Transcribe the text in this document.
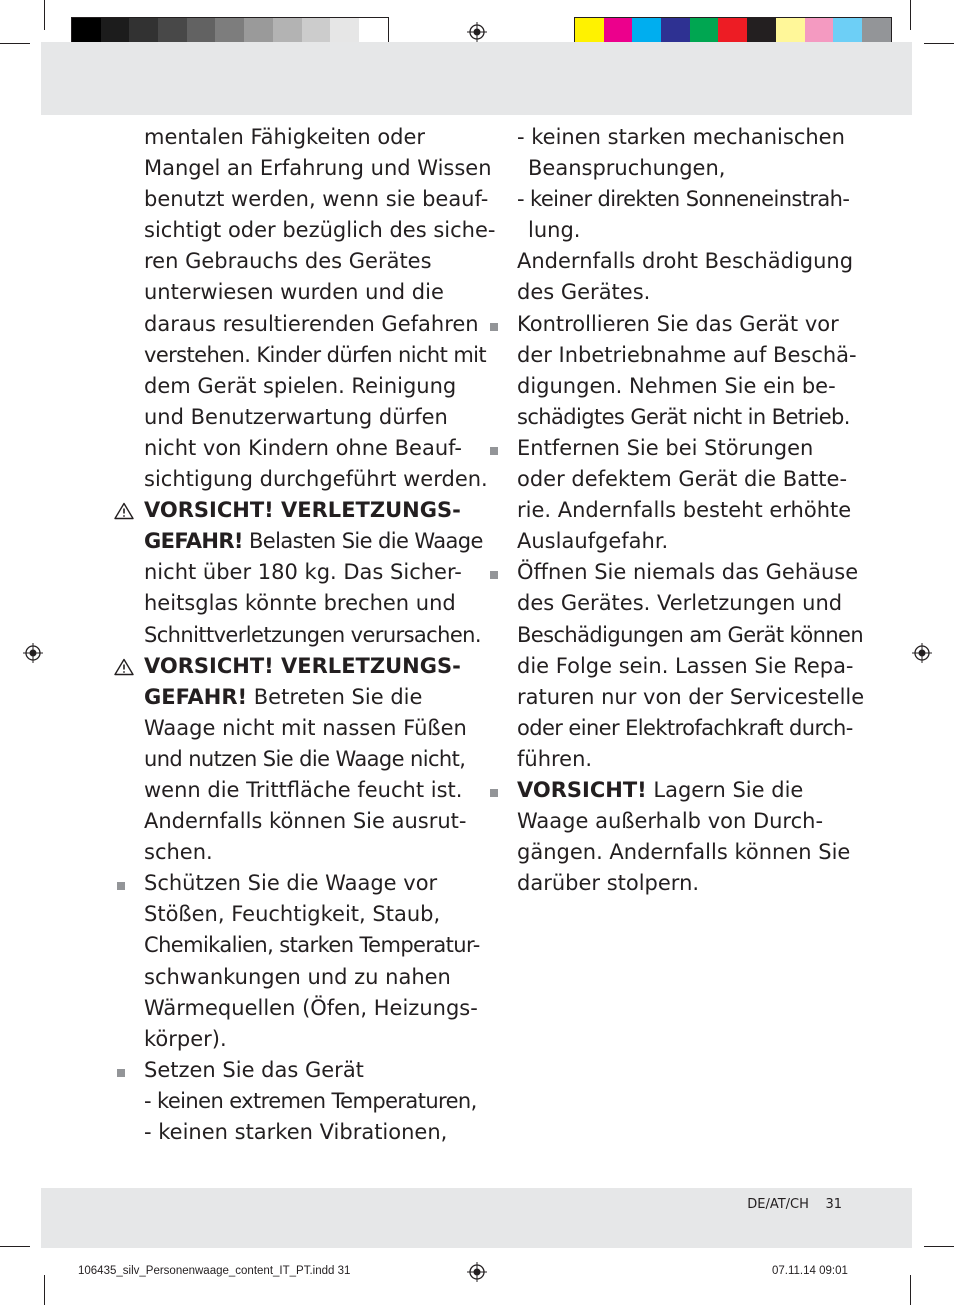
mentalen Fähigkeiten oder
Mangel an Erfahrung und Wissen
benutzt werden, wenn sie beauf-
sichtigt oder bezüglich des siche-
ren Gebrauchs des Gerätes
unterwiesen wurden und die
daraus resultierenden Gefahren
verstehen. Kinder dürfen nicht mit
dem Gerät spielen. Reinigung
und Benutzerwartung dürfen
nicht von Kindern ohne Beauf-
sichtigung durchgeführt werden.
VORSICHT! VERLETZUNGS-
GEFAHR! Belasten Sie die Waage
nicht über 180 kg. Das Sicher-
heitsglas könnte brechen und
Schnittverletzungen verursachen.
VORSICHT! VERLETZUNGS-
GEFAHR! Betreten Sie die
Waage nicht mit nassen Füßen
und nutzen Sie die Waage nicht,
wenn die Trittfläche feucht ist.
Andernfalls können Sie ausrut-
schen.
Schützen Sie die Waage vor
Stößen, Feuchtigkeit, Staub,
Chemikalien, starken Temperatur-
schwankungen und zu nahen
Wärmequellen (Öfen, Heizungs-
körper).
Setzen Sie das Gerät
- keinen extremen Temperaturen,
- keinen starken Vibrationen,
- keinen starken mechanischen
Beanspruchungen,
- keiner direkten Sonneneinstrah-
lung.
Andernfalls droht Beschädigung
des Gerätes.
Kontrollieren Sie das Gerät vor
der Inbetriebnahme auf Beschä-
digungen. Nehmen Sie ein be-
schädigtes Gerät nicht in Betrieb.
Entfernen Sie bei Störungen
oder defektem Gerät die Batte-
rie. Andernfalls besteht erhöhte
Auslaufgefahr.
Öffnen Sie niemals das Gehäuse
des Gerätes. Verletzungen und
Beschädigungen am Gerät können
die Folge sein. Lassen Sie Repa-
raturen nur von der Servicestelle
oder einer Elektrofachkraft durch-
führen.
VORSICHT! Lagern Sie die
Waage außerhalb von Durch-
gängen. Andernfalls können Sie
darüber stolpern.
DE/AT/CH 31
106435_silv_Personenwaage_content_IT_PT.indd 31	07.11.14 09:01
